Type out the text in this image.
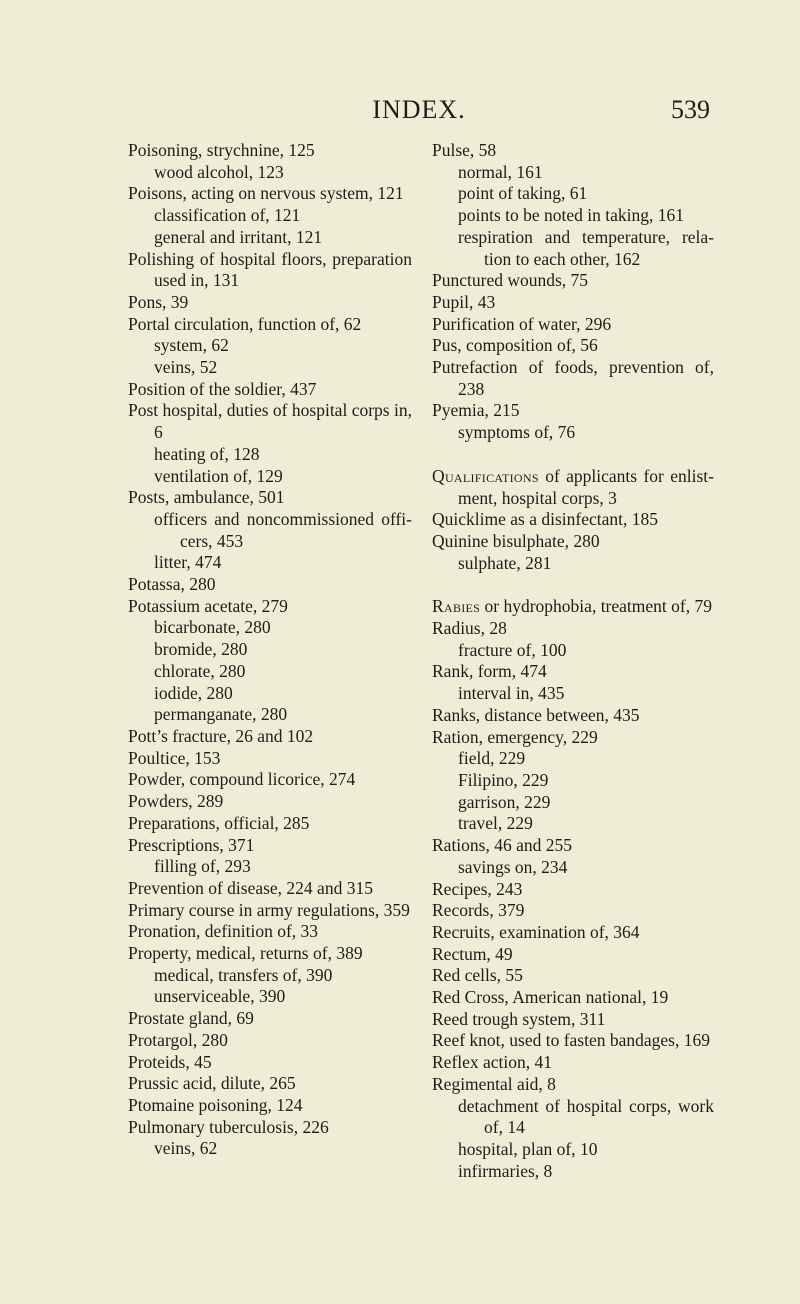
INDEX.	539
Poisoning, strychnine, 125
wood alcohol, 123
Poisons, acting on nervous system, 121
classification of, 121
general and irritant, 121
Polishing of hospital floors, preparation used in, 131
Pons, 39
Portal circulation, function of, 62
system, 62
veins, 52
Position of the soldier, 437
Post hospital, duties of hospital corps in, 6
heating of, 128
ventilation of, 129
Posts, ambulance, 501
officers and noncommissioned offi- cers, 453
litter, 474
Potassa, 280
Potassium acetate, 279
bicarbonate, 280
bromide, 280
chlorate, 280
iodide, 280
permanganate, 280
Pott’s fracture, 26 and 102
Poultice, 153
Powder, compound licorice, 274
Powders, 289
Preparations, official, 285
Prescriptions, 371
filling of, 293
Prevention of disease, 224 and 315
Primary course in army regulations, 359
Pronation, definition of, 33
Property, medical, returns of, 389
medical, transfers of, 390
unserviceable, 390
Prostate gland, 69
Protargol, 280
Proteids, 45
Prussic acid, dilute, 265
Ptomaine poisoning, 124
Pulmonary tuberculosis, 226
veins, 62
Pulse, 58
normal, 161
point of taking, 61
points to be noted in taking, 161
respiration and temperature, rela- tion to each other, 162
Punctured wounds, 75
Pupil, 43
Purification of water, 296
Pus, composition of, 56
Putrefaction of foods, prevention of, 238
Pyemia, 215
symptoms of, 76
Qualifications of applicants for enlist- ment, hospital corps, 3
Quicklime as a disinfectant, 185
Quinine bisulphate, 280
sulphate, 281
Rabies or hydrophobia, treatment of, 79
Radius, 28
fracture of, 100
Rank, form, 474
interval in, 435
Ranks, distance between, 435
Ration, emergency, 229
field, 229
Filipino, 229
garrison, 229
travel, 229
Rations, 46 and 255
savings on, 234
Recipes, 243
Records, 379
Recruits, examination of, 364
Rectum, 49
Red cells, 55
Red Cross, American national, 19
Reed trough system, 311
Reef knot, used to fasten bandages, 169
Reflex action, 41
Regimental aid, 8
detachment of hospital corps, work of, 14
hospital, plan of, 10
infirmaries, 8
